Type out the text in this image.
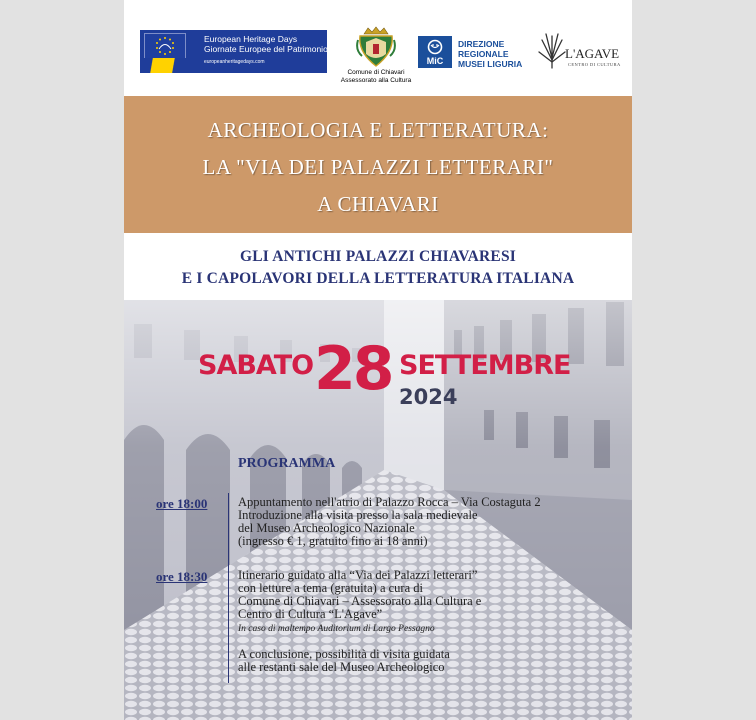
European Heritage Days
Giornate Europee del Patrimonio
europeanheritagedays.com
Comune di Chiavari
Assessorato alla Cultura
MiC
DIREZIONE
REGIONALE
MUSEI LIGURIA
L'AGAVE
CENTRO DI CULTURA
ARCHEOLOGIA E LETTERATURA:
LA "VIA DEI PALAZZI LETTERARI"
A CHIAVARI
GLI ANTICHI PALAZZI CHIAVARESI
E I CAPOLAVORI DELLA LETTERATURA ITALIANA
SABATO 28 SETTEMBRE
2024
PROGRAMMA
ore 18:00 Appuntamento nell'atrio di Palazzo Rocca – Via Costaguta 2
Introduzione alla visita presso la sala medievale
del Museo Archeologico Nazionale
(ingresso € 1, gratuito fino ai 18 anni)
ore 18:30 Itinerario guidato alla “Via dei Palazzi letterari”
con letture a tema (gratuita) a cura di
Comune di Chiavari – Assessorato alla Cultura e
Centro di Cultura “L'Agave”
In caso di maltempo Auditorium di Largo Pessagno
A conclusione, possibilità di visita guidata
alle restanti sale del Museo Archeologico
